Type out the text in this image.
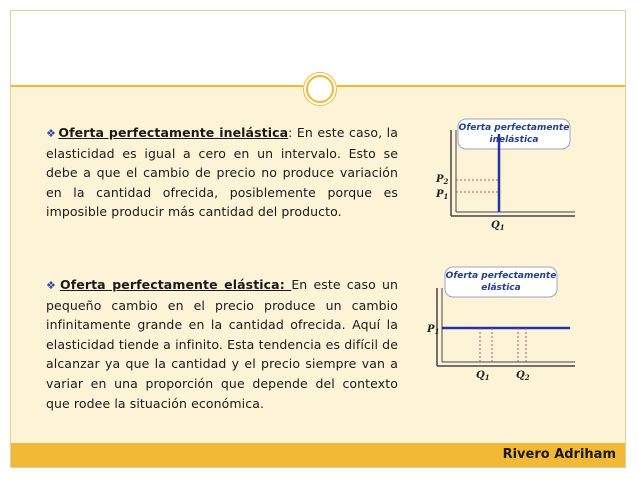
❖ Oferta perfectamente inelástica: En este caso, la elasticidad es igual a cero en un intervalo. Esto se debe a que el cambio de precio no produce variación en la cantidad ofrecida, posiblemente porque es imposible producir más cantidad del producto.
❖ Oferta perfectamente elástica: En este caso un pequeño cambio en el precio produce un cambio infinitamente grande en la cantidad ofrecida. Aquí la elasticidad tiende a infinito. Esta tendencia es difícil de alcanzar ya que la cantidad y el precio siempre van a variar en una proporción que depende del contexto que rodee la situación económica.
Oferta perfectamente
inelástica
$P_2$
$P_1$
$Q_1$
Oferta perfectamente
elástica
$P_1$
$Q_1$	$Q_2$
Rivero Adriham
